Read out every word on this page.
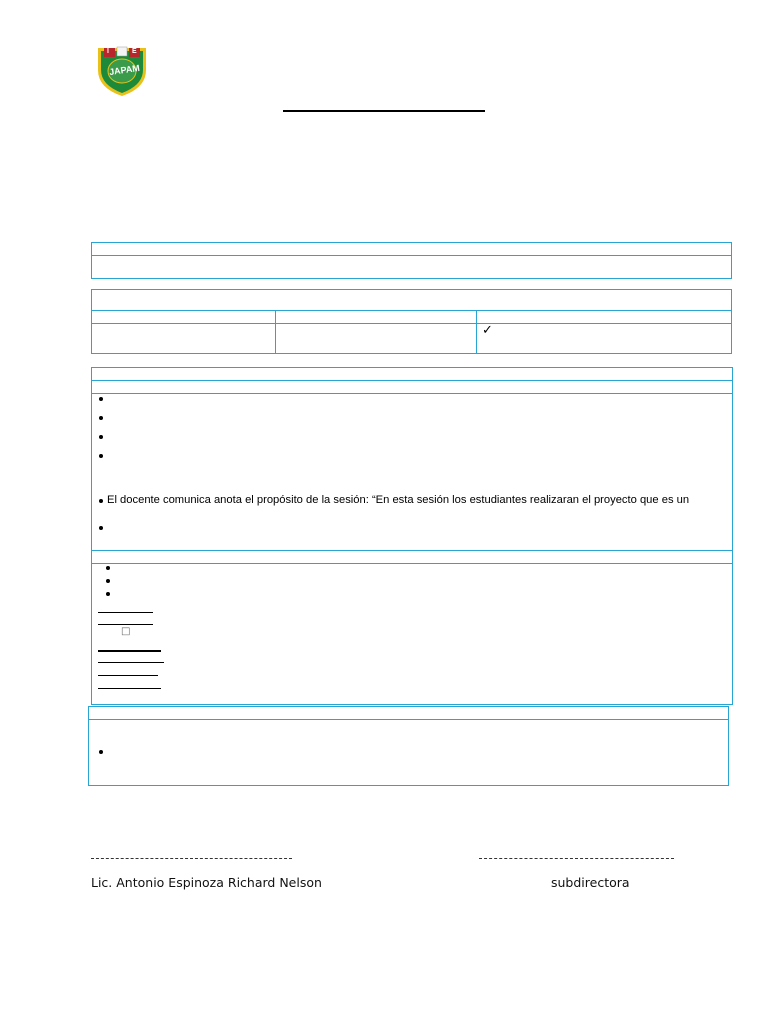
I	E
JAPAM
✓
El docente comunica anota el propósito de la sesión: “En esta sesión los estudiantes realizaran el proyecto que es un
□
Lic. Antonio Espinoza Richard Nelson	subdirectora
